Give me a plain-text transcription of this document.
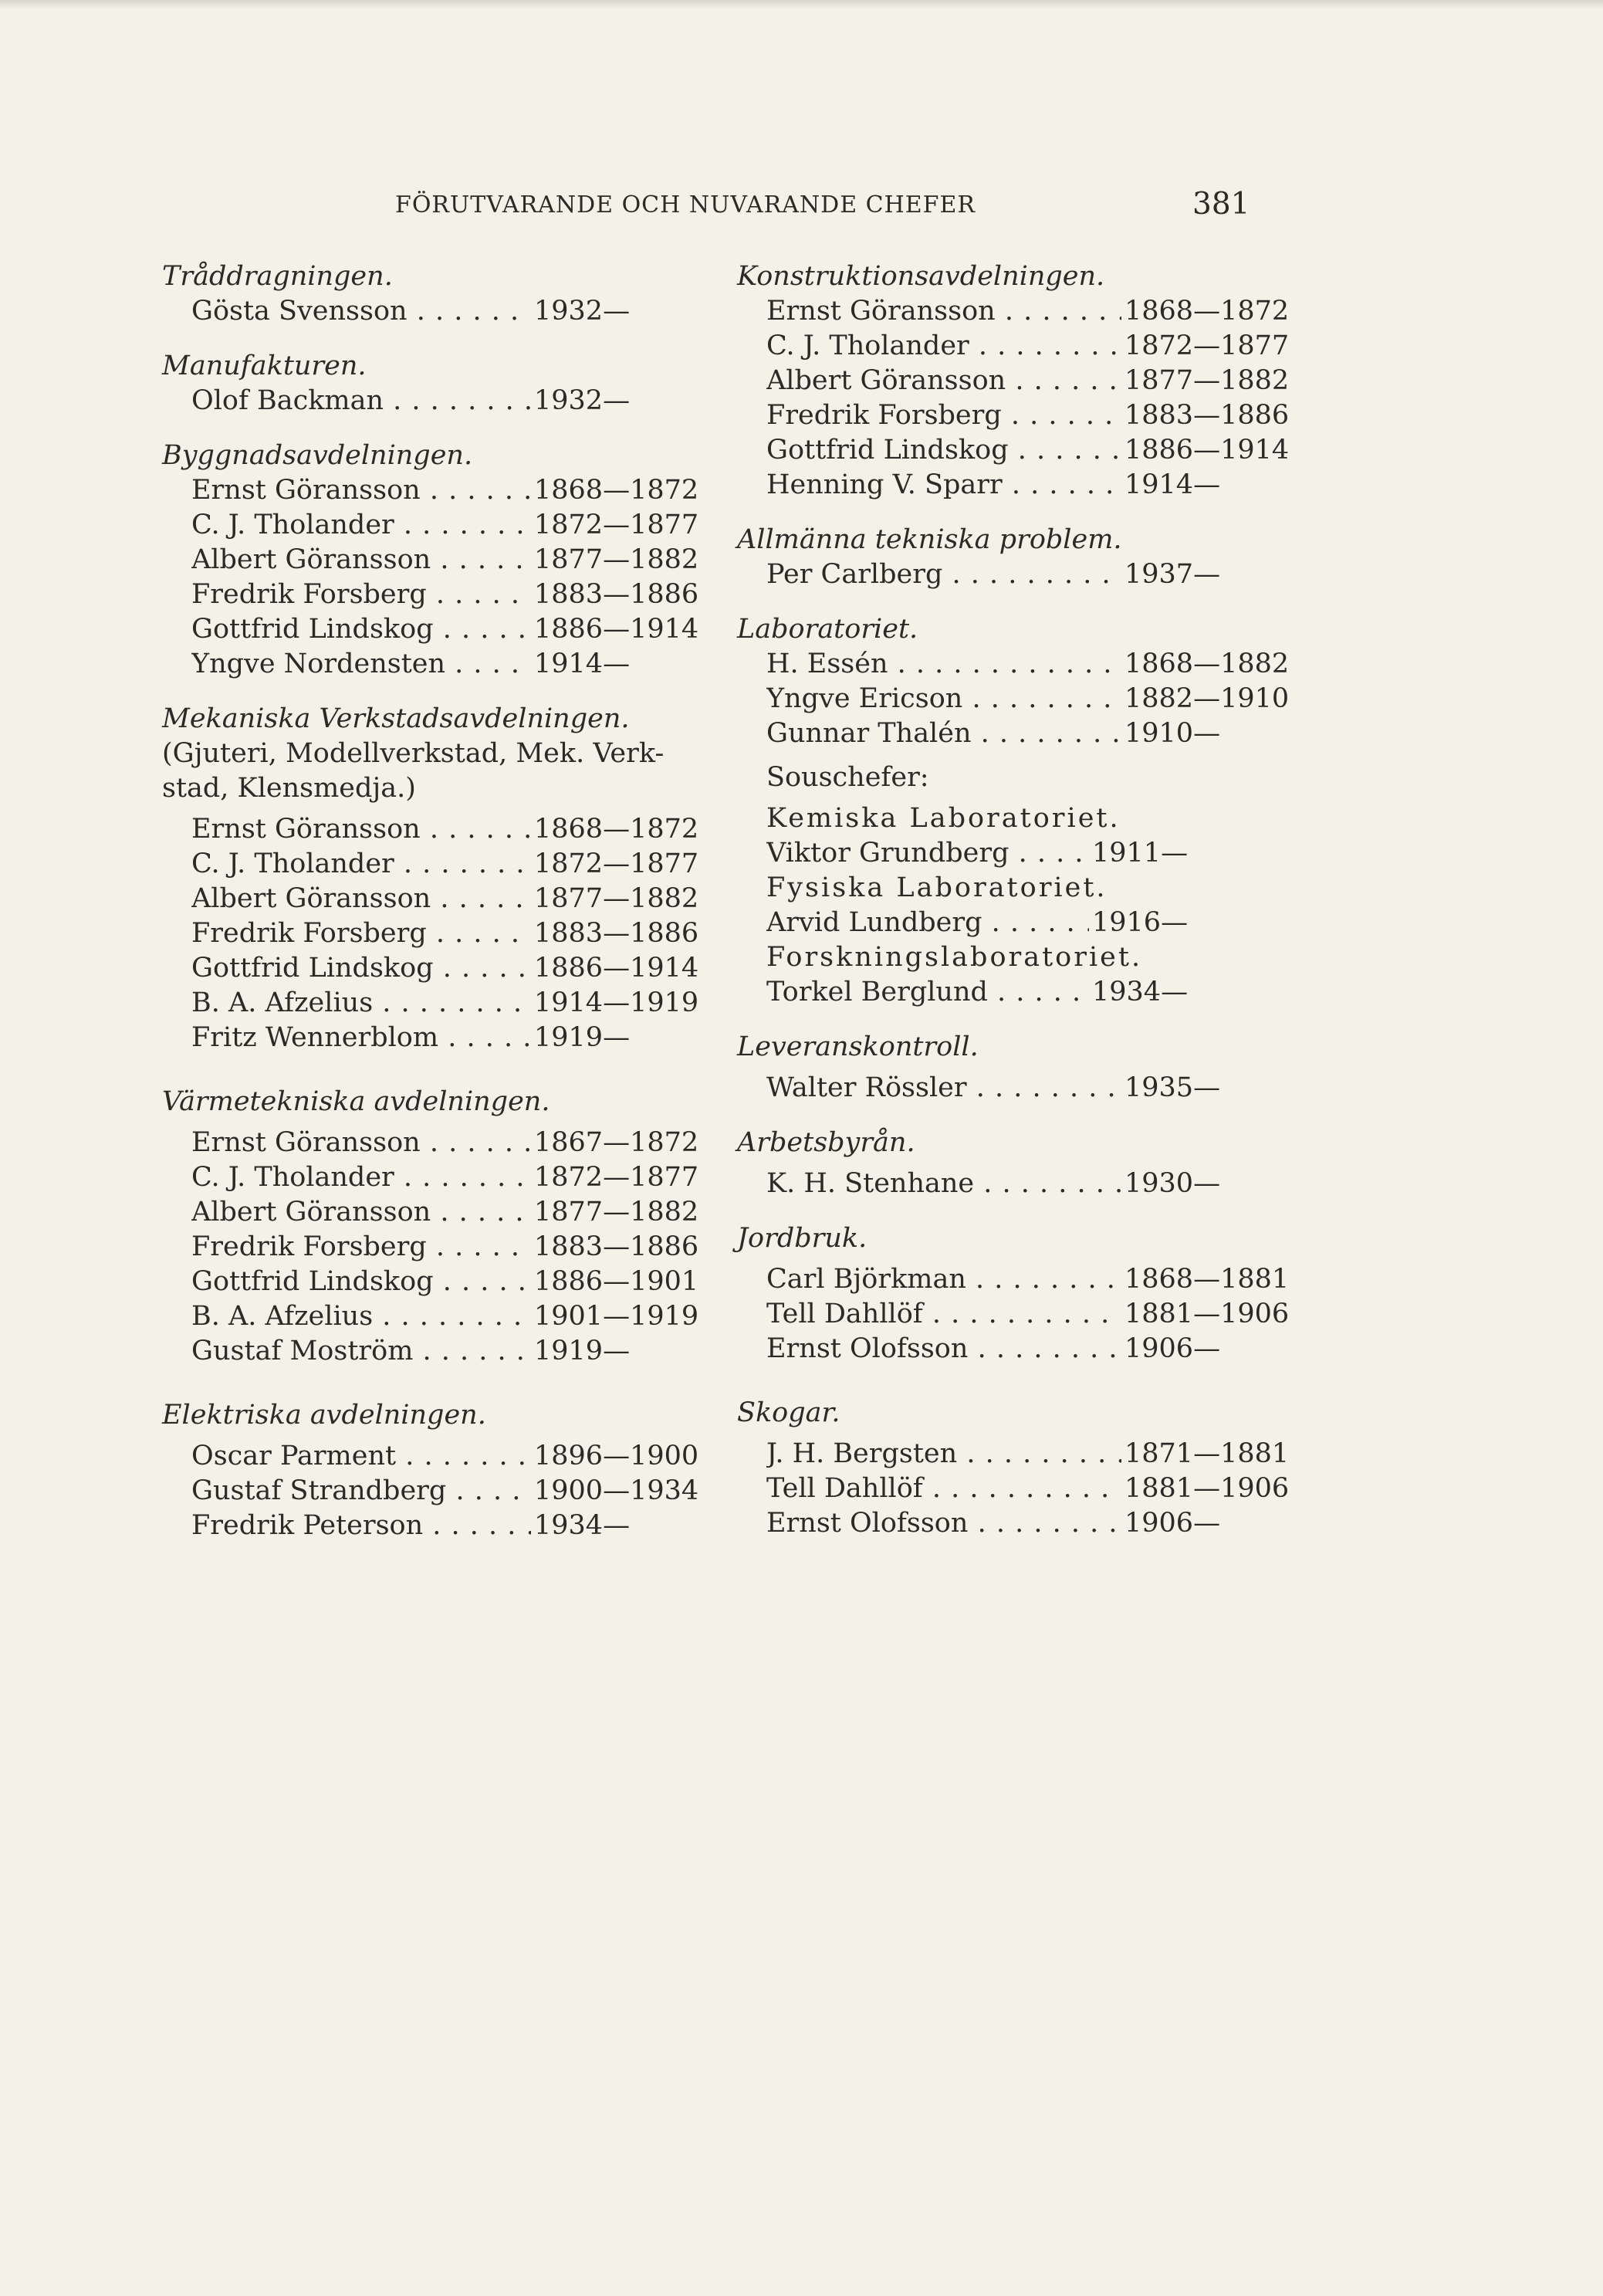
FÖRUTVARANDE OCH NUVARANDE CHEFER	381
Tråddragningen.
Gösta Svensson . . .	1932—
Manufakturen.
Olof Backman . . .	1932—
Byggnadsavdelningen.
Ernst Göransson . . .	1868—1872
C. J. Tholander . . .	1872—1877
Albert Göransson . . .	1877—1882
Fredrik Forsberg . . .	1883—1886
Gottfrid Lindskog . . .	1886—1914
Yngve Nordensten . . .	1914—
Mekaniska Verkstadsavdelningen.
(Gjuteri, Modellverkstad, Mek. Verk-
stad, Klensmedja.)
Ernst Göransson . . .	1868—1872
C. J. Tholander . . .	1872—1877
Albert Göransson . . .	1877—1882
Fredrik Forsberg . . .	1883—1886
Gottfrid Lindskog . . .	1886—1914
B. A. Afzelius . . .	1914—1919
Fritz Wennerblom . . .	1919—
Värmetekniska avdelningen.
Ernst Göransson . . .	1867—1872
C. J. Tholander . . .	1872—1877
Albert Göransson . . .	1877—1882
Fredrik Forsberg . . .	1883—1886
Gottfrid Lindskog . . .	1886—1901
B. A. Afzelius . . .	1901—1919
Gustaf Moström . . .	1919—
Elektriska avdelningen.
Oscar Parment . . .	1896—1900
Gustaf Strandberg . . .	1900—1934
Fredrik Peterson . . .	1934—
Konstruktionsavdelningen.
Ernst Göransson . . .	1868—1872
C. J. Tholander . . .	1872—1877
Albert Göransson . . .	1877—1882
Fredrik Forsberg . . .	1883—1886
Gottfrid Lindskog . . .	1886—1914
Henning V. Sparr . . .	1914—
Allmänna tekniska problem.
Per Carlberg . . .	1937—
Laboratoriet.
H. Essén . . .	1868—1882
Yngve Ericson . . .	1882—1910
Gunnar Thalén . . .	1910—
Souschefer:
Kemiska Laboratoriet.
Viktor Grundberg . . .	1911—
Fysiska Laboratoriet.
Arvid Lundberg . . .	1916—
Forskningslaboratoriet.
Torkel Berglund . . .	1934—
Leveranskontroll.
Walter Rössler . . .	1935—
Arbetsbyrån.
K. H. Stenhane . . .	1930—
Jordbruk.
Carl Björkman . . .	1868—1881
Tell Dahllöf . . .	1881—1906
Ernst Olofsson . . .	1906—
Skogar.
J. H. Bergsten . . .	1871—1881
Tell Dahllöf . . .	1881—1906
Ernst Olofsson . . .	1906—
